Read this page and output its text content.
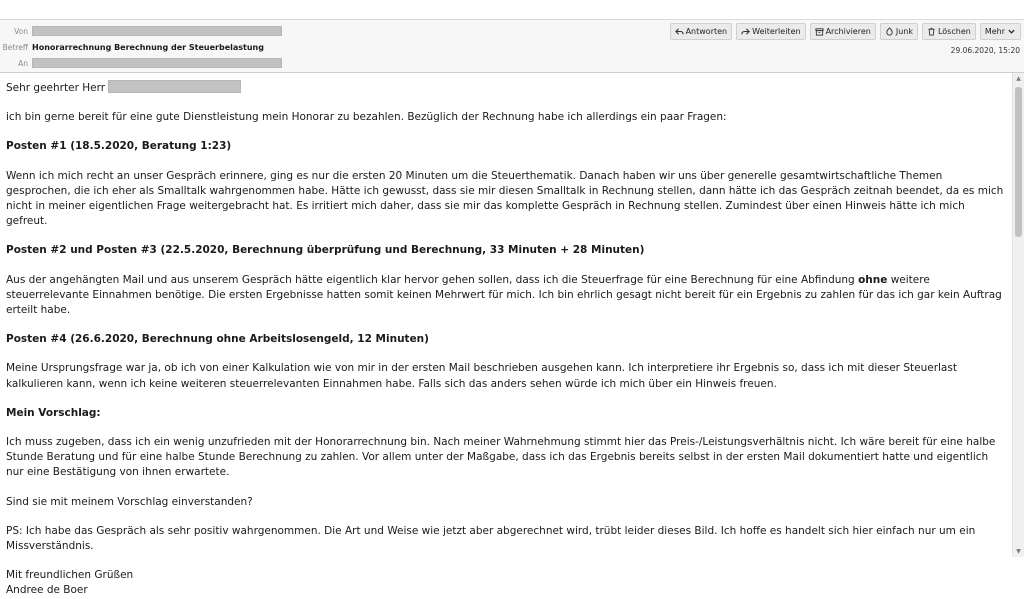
Von
Betreff Honorarrechnung Berechnung der Steuerbelastung
An
Antworten	Weiterleiten	Archivieren	Junk	Löschen Mehr
29.06.2020, 15:20

Sehr geehrter Herr

ich bin gerne bereit für eine gute Dienstleistung mein Honorar zu bezahlen. Bezüglich der Rechnung habe ich allerdings ein paar Fragen:

Posten #1 (18.5.2020, Beratung 1:23)

Wenn ich mich recht an unser Gespräch erinnere, ging es nur die ersten 20 Minuten um die Steuerthematik. Danach haben wir uns über generelle gesamtwirtschaftliche Themen gesprochen, die ich eher als Smalltalk wahrgenommen habe. Hätte ich gewusst, dass sie mir diesen Smalltalk in Rechnung stellen, dann hätte ich das Gespräch zeitnah beendet, da es mich nicht in meiner eigentlichen Frage weitergebracht hat. Es irritiert mich daher, dass sie mir das komplette Gespräch in Rechnung stellen. Zumindest über einen Hinweis hätte ich mich gefreut.

Posten #2 und Posten #3 (22.5.2020, Berechnung überprüfung und Berechnung, 33 Minuten + 28 Minuten)

Aus der angehängten Mail und aus unserem Gespräch hätte eigentlich klar hervor gehen sollen, dass ich die Steuerfrage für eine Berechnung für eine Abfindung ohne weitere steuerrelevante Einnahmen benötige. Die ersten Ergebnisse hatten somit keinen Mehrwert für mich. Ich bin ehrlich gesagt nicht bereit für ein Ergebnis zu zahlen für das ich gar kein Auftrag erteilt habe.

Posten #4 (26.6.2020, Berechnung ohne Arbeitslosengeld, 12 Minuten)

Meine Ursprungsfrage war ja, ob ich von einer Kalkulation wie von mir in der ersten Mail beschrieben ausgehen kann. Ich interpretiere ihr Ergebnis so, dass ich mit dieser Steuerlast kalkulieren kann, wenn ich keine weiteren steuerrelevanten Einnahmen habe. Falls sich das anders sehen würde ich mich über ein Hinweis freuen.

Mein Vorschlag:

Ich muss zugeben, dass ich ein wenig unzufrieden mit der Honorarrechnung bin. Nach meiner Wahrnehmung stimmt hier das Preis-/Leistungsverhältnis nicht. Ich wäre bereit für eine halbe Stunde Beratung und für eine halbe Stunde Berechnung zu zahlen. Vor allem unter der Maßgabe, dass ich das Ergebnis bereits selbst in der ersten Mail dokumentiert hatte und eigentlich nur eine Bestätigung von ihnen erwartete.

Sind sie mit meinem Vorschlag einverstanden?

PS: Ich habe das Gespräch als sehr positiv wahrgenommen. Die Art und Weise wie jetzt aber abgerechnet wird, trübt leider dieses Bild. Ich hoffe es handelt sich hier einfach nur um ein Missverständnis.

Mit freundlichen Grüßen

Andree de Boer

▲
▼
